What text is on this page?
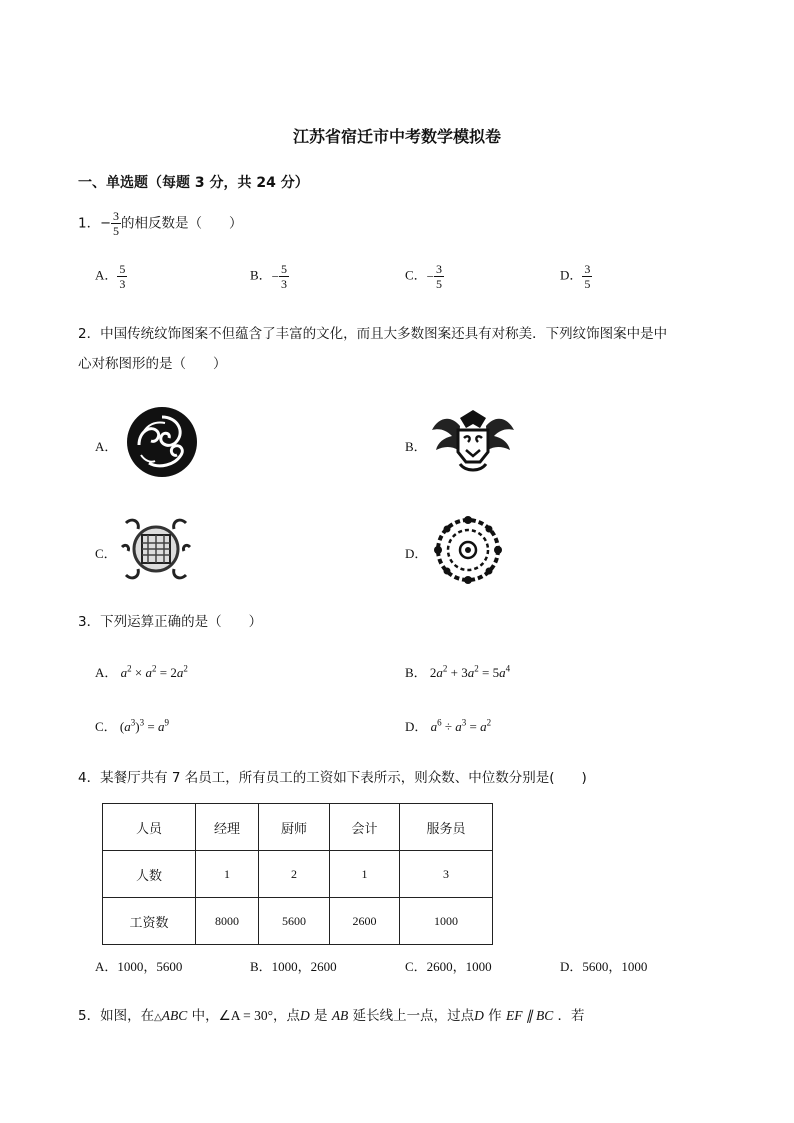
江苏省宿迁市中考数学模拟卷
一、单选题（每题 3 分，共 24 分）
1．− $\frac{3}{5}$ 的相反数是（　　）
A． $\frac{5}{3}$	B．− $\frac{5}{3}$	C．− $\frac{3}{5}$	D． $\frac{3}{5}$
2．中国传统纹饰图案不但蕴含了丰富的文化，而且大多数图案还具有对称美．下列纹饰图案中是中
心对称图形的是（　　）
A．	B．
C．	D．
3．下列运算正确的是（　　）
A． $a^2 \times a^2 = 2a^2$	B． $2a^2 + 3a^2 = 5a^4$
C． $(a^3)^3 = a^9$	D． $a^6 \div a^3 = a^2$
4．某餐厅共有 7 名员工，所有员工的工资如下表所示，则众数、中位数分别是(　　)
人员	经理	厨师	会计	服务员
人数	1	2	1	3
工资数	8000	5600	2600	1000
A．1000，5600	B．1000，2600	C．2600，1000	D．5600，1000
5．如图，在△ABC 中，∠A = 30°，点D 是 AB 延长线上一点，过点D 作 EF ∥ BC ．若
